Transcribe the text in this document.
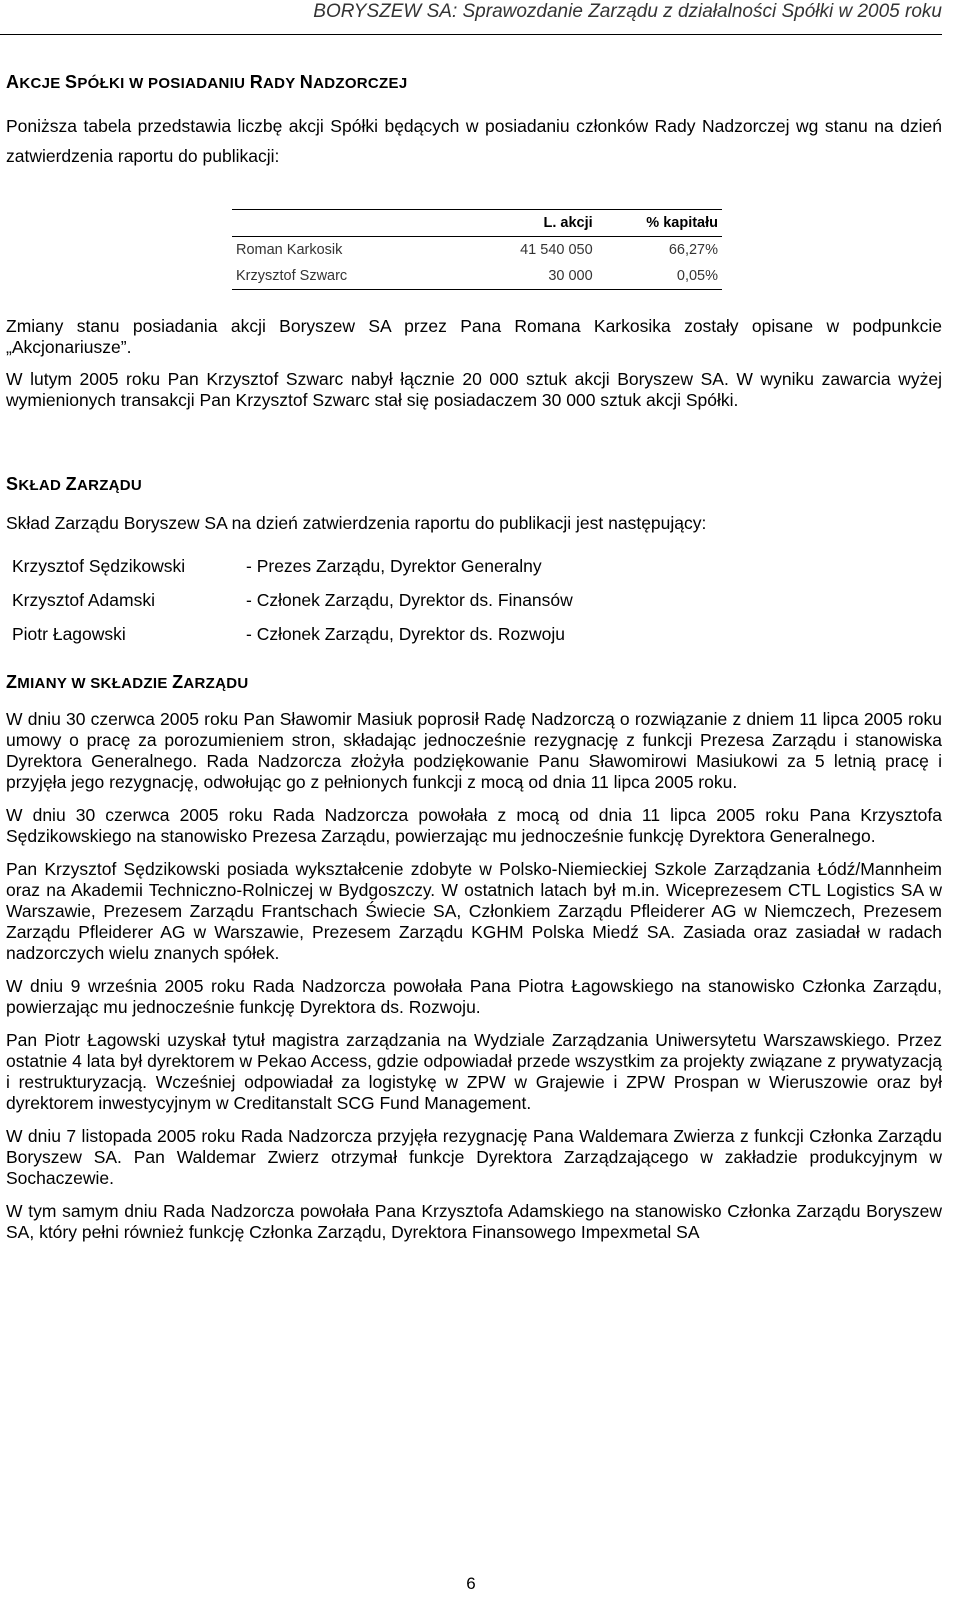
BORYSZEW SA: Sprawozdanie Zarządu z działalności Spółki w 2005 roku
AKCJE SPÓŁKI W POSIADANIU RADY NADZORCZEJ

Poniższa tabela przedstawia liczbę akcji Spółki będących w posiadaniu członków Rady Nadzorczej wg stanu na dzień zatwierdzenia raportu do publikacji:

	L. akcji	% kapitału
Roman Karkosik	41 540 050	66,27%
Krzysztof Szwarc	30 000	0,05%

Zmiany stanu posiadania akcji Boryszew SA przez Pana Romana Karkosika zostały opisane w podpunkcie „Akcjonariusze”.

W lutym 2005 roku Pan Krzysztof Szwarc nabył łącznie 20 000 sztuk akcji Boryszew SA. W wyniku zawarcia wyżej wymienionych transakcji Pan Krzysztof Szwarc stał się posiadaczem 30 000 sztuk akcji Spółki.

SKŁAD ZARZĄDU

Skład Zarządu Boryszew SA na dzień zatwierdzenia raportu do publikacji jest następujący:

Krzysztof Sędzikowski	- Prezes Zarządu, Dyrektor Generalny
Krzysztof Adamski	- Członek Zarządu, Dyrektor ds. Finansów
Piotr Łagowski	- Członek Zarządu, Dyrektor ds. Rozwoju
ZMIANY W SKŁADZIE ZARZĄDU

W dniu 30 czerwca 2005 roku Pan Sławomir Masiuk poprosił Radę Nadzorczą o rozwiązanie z dniem 11 lipca 2005 roku umowy o pracę za porozumieniem stron, składając jednocześnie rezygnację z funkcji Prezesa Zarządu i stanowiska Dyrektora Generalnego. Rada Nadzorcza złożyła podziękowanie Panu Sławomirowi Masiukowi za 5 letnią pracę i przyjęła jego rezygnację, odwołując go z pełnionych funkcji z mocą od dnia 11 lipca 2005 roku.

W dniu 30 czerwca 2005 roku Rada Nadzorcza powołała z mocą od dnia 11 lipca 2005 roku Pana Krzysztofa Sędzikowskiego na stanowisko Prezesa Zarządu, powierzając mu jednocześnie funkcję Dyrektora Generalnego.

Pan Krzysztof Sędzikowski posiada wykształcenie zdobyte w Polsko-Niemieckiej Szkole Zarządzania Łódź/Mannheim oraz na Akademii Techniczno-Rolniczej w Bydgoszczy. W ostatnich latach był m.in. Wiceprezesem CTL Logistics SA w Warszawie, Prezesem Zarządu Frantschach Świecie SA, Członkiem Zarządu Pfleiderer AG w Niemczech, Prezesem Zarządu Pfleiderer AG w Warszawie, Prezesem Zarządu KGHM Polska Miedź SA. Zasiada oraz zasiadał w radach nadzorczych wielu znanych spółek.

W dniu 9 września 2005 roku Rada Nadzorcza powołała Pana Piotra Łagowskiego na stanowisko Członka Zarządu, powierzając mu jednocześnie funkcję Dyrektora ds. Rozwoju.

Pan Piotr Łagowski uzyskał tytuł magistra zarządzania na Wydziale Zarządzania Uniwersytetu Warszawskiego. Przez ostatnie 4 lata był dyrektorem w Pekao Access, gdzie odpowiadał przede wszystkim za projekty związane z prywatyzacją i restrukturyzacją. Wcześniej odpowiadał za logistykę w ZPW w Grajewie i ZPW Prospan w Wieruszowie oraz był dyrektorem inwestycyjnym w Creditanstalt SCG Fund Management.

W dniu 7 listopada 2005 roku Rada Nadzorcza przyjęła rezygnację Pana Waldemara Zwierza z funkcji Członka Zarządu Boryszew SA. Pan Waldemar Zwierz otrzymał funkcje Dyrektora Zarządzającego w zakładzie produkcyjnym w Sochaczewie.

W tym samym dniu Rada Nadzorcza powołała Pana Krzysztofa Adamskiego na stanowisko Członka Zarządu Boryszew SA, który pełni również funkcję Członka Zarządu, Dyrektora Finansowego Impexmetal SA

6
